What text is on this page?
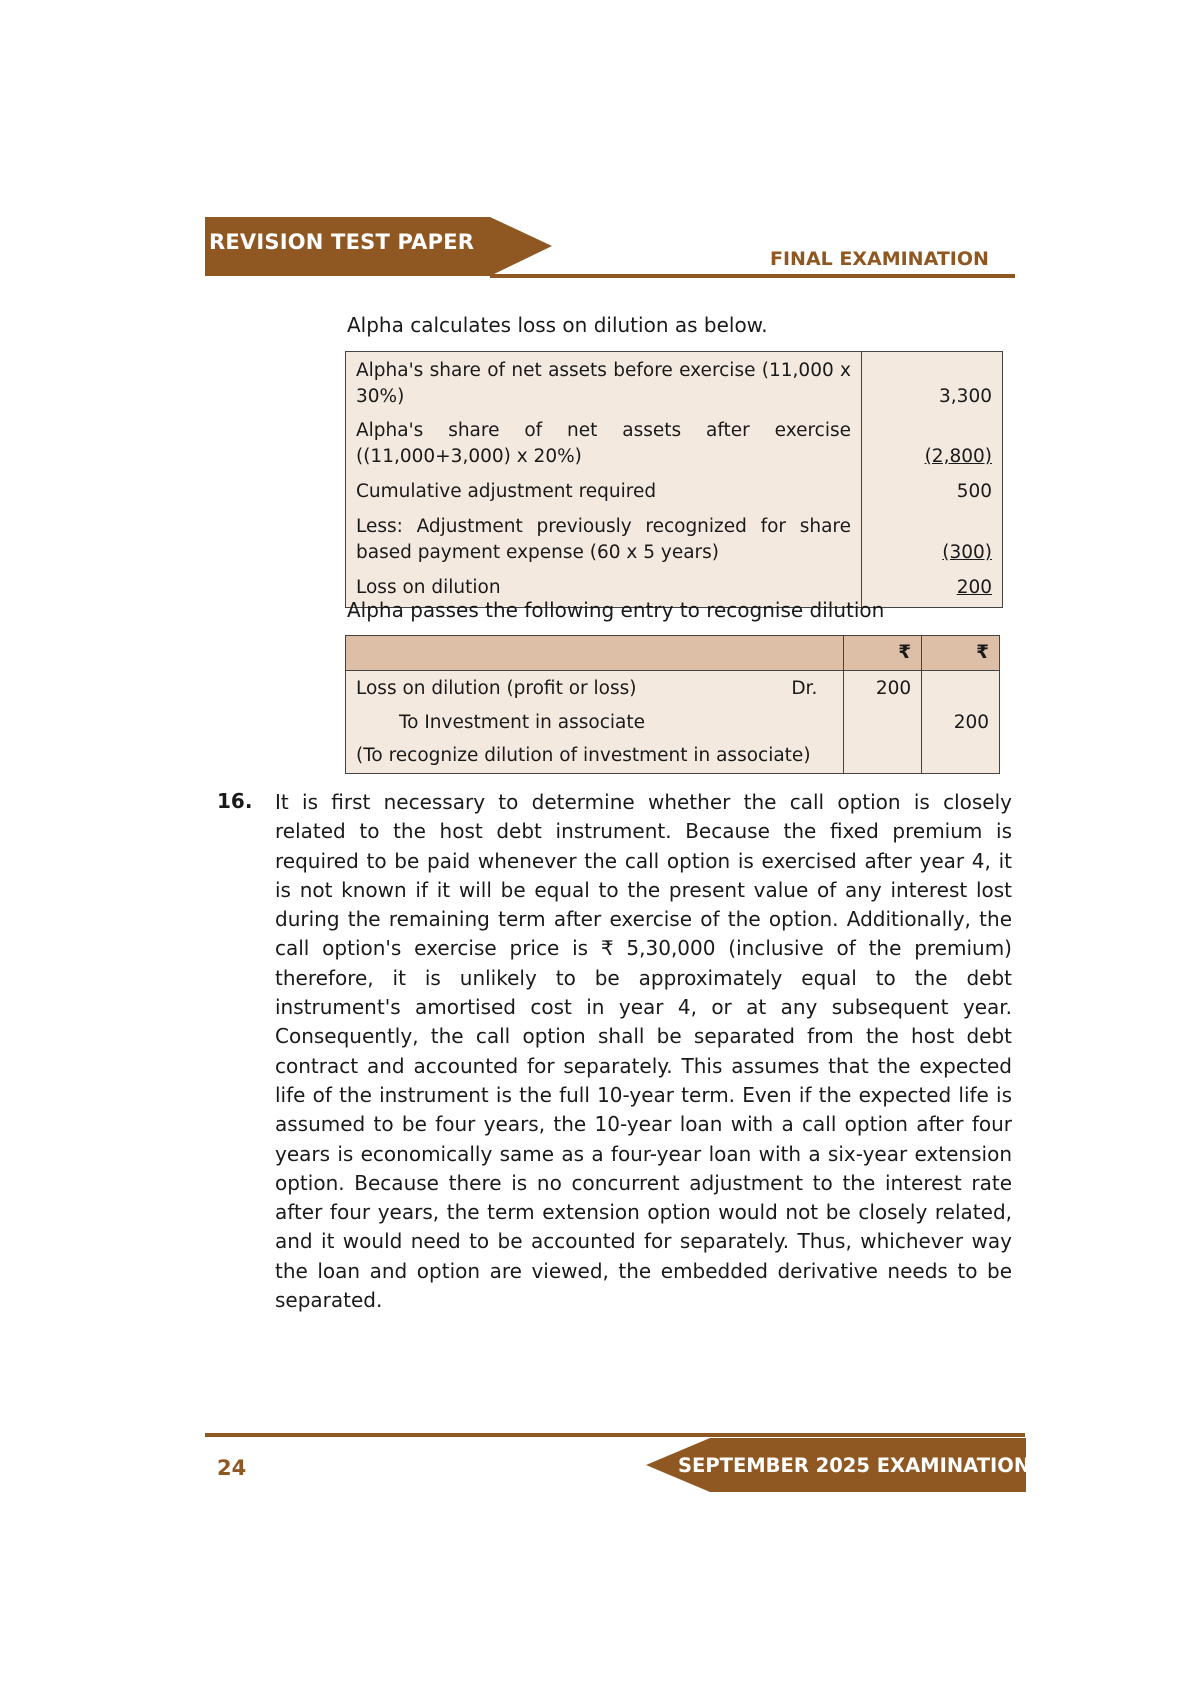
REVISION TEST PAPER
FINAL EXAMINATION
Alpha calculates loss on dilution as below.
Alpha's share of net assets before exercise (11,000 x 30%)	3,300
Alpha's share of net assets after exercise ((11,000+3,000) x 20%)	(2,800)
Cumulative adjustment required	500
Less: Adjustment previously recognized for share based payment expense (60 x 5 years)	(300)
Loss on dilution	200
Alpha passes the following entry to recognise dilution
	₹	₹
Loss on dilution (profit or loss) Dr.	200	
To Investment in associate		200
(To recognize dilution of investment in associate)		
16. It is first necessary to determine whether the call option is closely related to the host debt instrument. Because the fixed premium is required to be paid whenever the call option is exercised after year 4, it is not known if it will be equal to the present value of any interest lost during the remaining term after exercise of the option. Additionally, the call option's exercise price is ₹ 5,30,000 (inclusive of the premium) therefore, it is unlikely to be approximately equal to the debt instrument's amortised cost in year 4, or at any subsequent year. Consequently, the call option shall be separated from the host debt contract and accounted for separately. This assumes that the expected life of the instrument is the full 10-year term. Even if the expected life is assumed to be four years, the 10-year loan with a call option after four years is economically same as a four-year loan with a six-year extension option. Because there is no concurrent adjustment to the interest rate after four years, the term extension option would not be closely related, and it would need to be accounted for separately. Thus, whichever way the loan and option are viewed, the embedded derivative needs to be separated.
24	SEPTEMBER 2025 EXAMINATION
